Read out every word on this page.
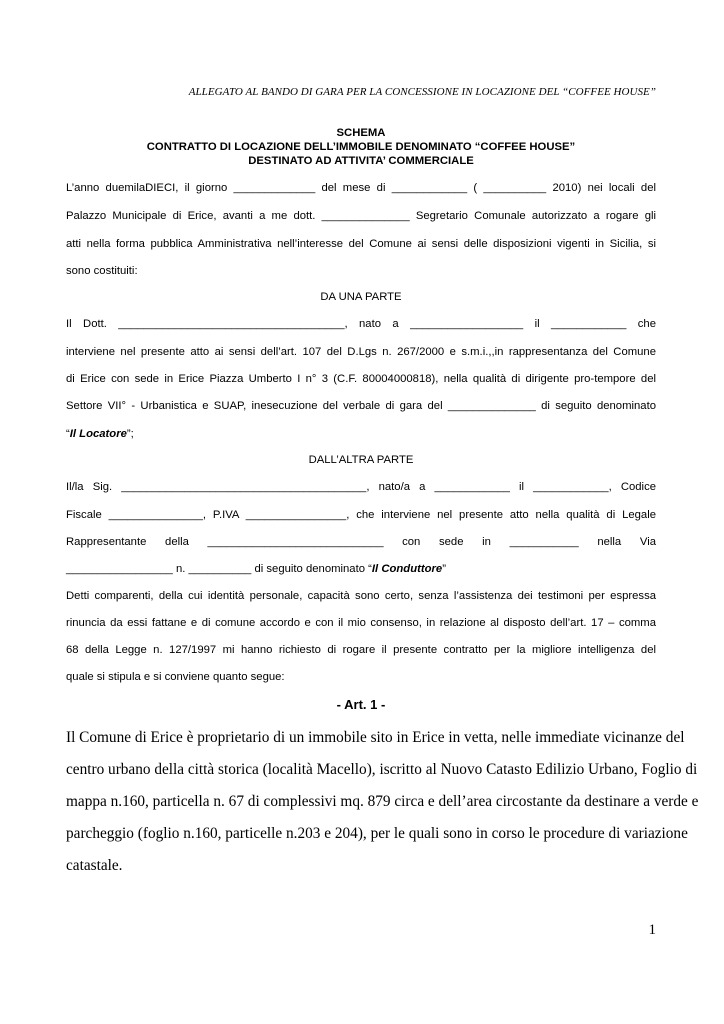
ALLEGATO AL BANDO DI GARA PER LA CONCESSIONE IN LOCAZIONE DEL “COFFEE HOUSE”
SCHEMA
CONTRATTO DI LOCAZIONE DELL’IMMOBILE DENOMINATO “COFFEE HOUSE”
DESTINATO AD ATTIVITA’ COMMERCIALE
L’anno duemilaDIECI, il giorno _____________ del mese di ____________ ( __________ 2010) nei locali del
Palazzo Municipale di Erice, avanti a me dott. ______________ Segretario Comunale autorizzato a rogare gli
atti nella forma pubblica Amministrativa nell’interesse del Comune ai sensi delle disposizioni vigenti in Sicilia, si
sono costituiti:
DA UNA PARTE
Il Dott. ____________________________________, nato a __________________ il ____________ che
interviene nel presente atto ai sensi dell’art. 107 del D.Lgs n. 267/2000 e s.m.i.,,in rappresentanza del Comune
di Erice con sede in Erice Piazza Umberto I n° 3 (C.F. 80004000818), nella qualità di dirigente pro-tempore del
Settore VII° - Urbanistica e SUAP, inesecuzione del verbale di gara del ______________ di seguito denominato
“Il Locatore”;
DALL’ALTRA PARTE
Il/la Sig. _______________________________________, nato/a a ____________ il ____________, Codice
Fiscale _______________, P.IVA ________________, che interviene nel presente atto nella qualità di Legale
Rappresentante della ____________________________ con sede in ___________ nella Via
_________________ n. __________ di seguito denominato “Il Conduttore”
Detti comparenti, della cui identità personale, capacità sono certo, senza l’assistenza dei testimoni per espressa
rinuncia da essi fattane e di comune accordo e con il mio consenso, in relazione al disposto dell’art. 17 – comma
68 della Legge n. 127/1997 mi hanno richiesto di rogare il presente contratto per la migliore intelligenza del
quale si stipula e si conviene quanto segue:
- Art. 1 -
Il Comune di Erice è proprietario di un immobile sito in Erice in vetta, nelle immediate vicinanze del
centro urbano della città storica (località Macello), iscritto al Nuovo Catasto Edilizio Urbano, Foglio di
mappa n.160, particella n. 67 di complessivi mq. 879 circa e dell’area circostante da destinare a verde e
parcheggio (foglio n.160, particelle n.203 e 204), per le quali sono in corso le procedure di variazione
catastale.
1
